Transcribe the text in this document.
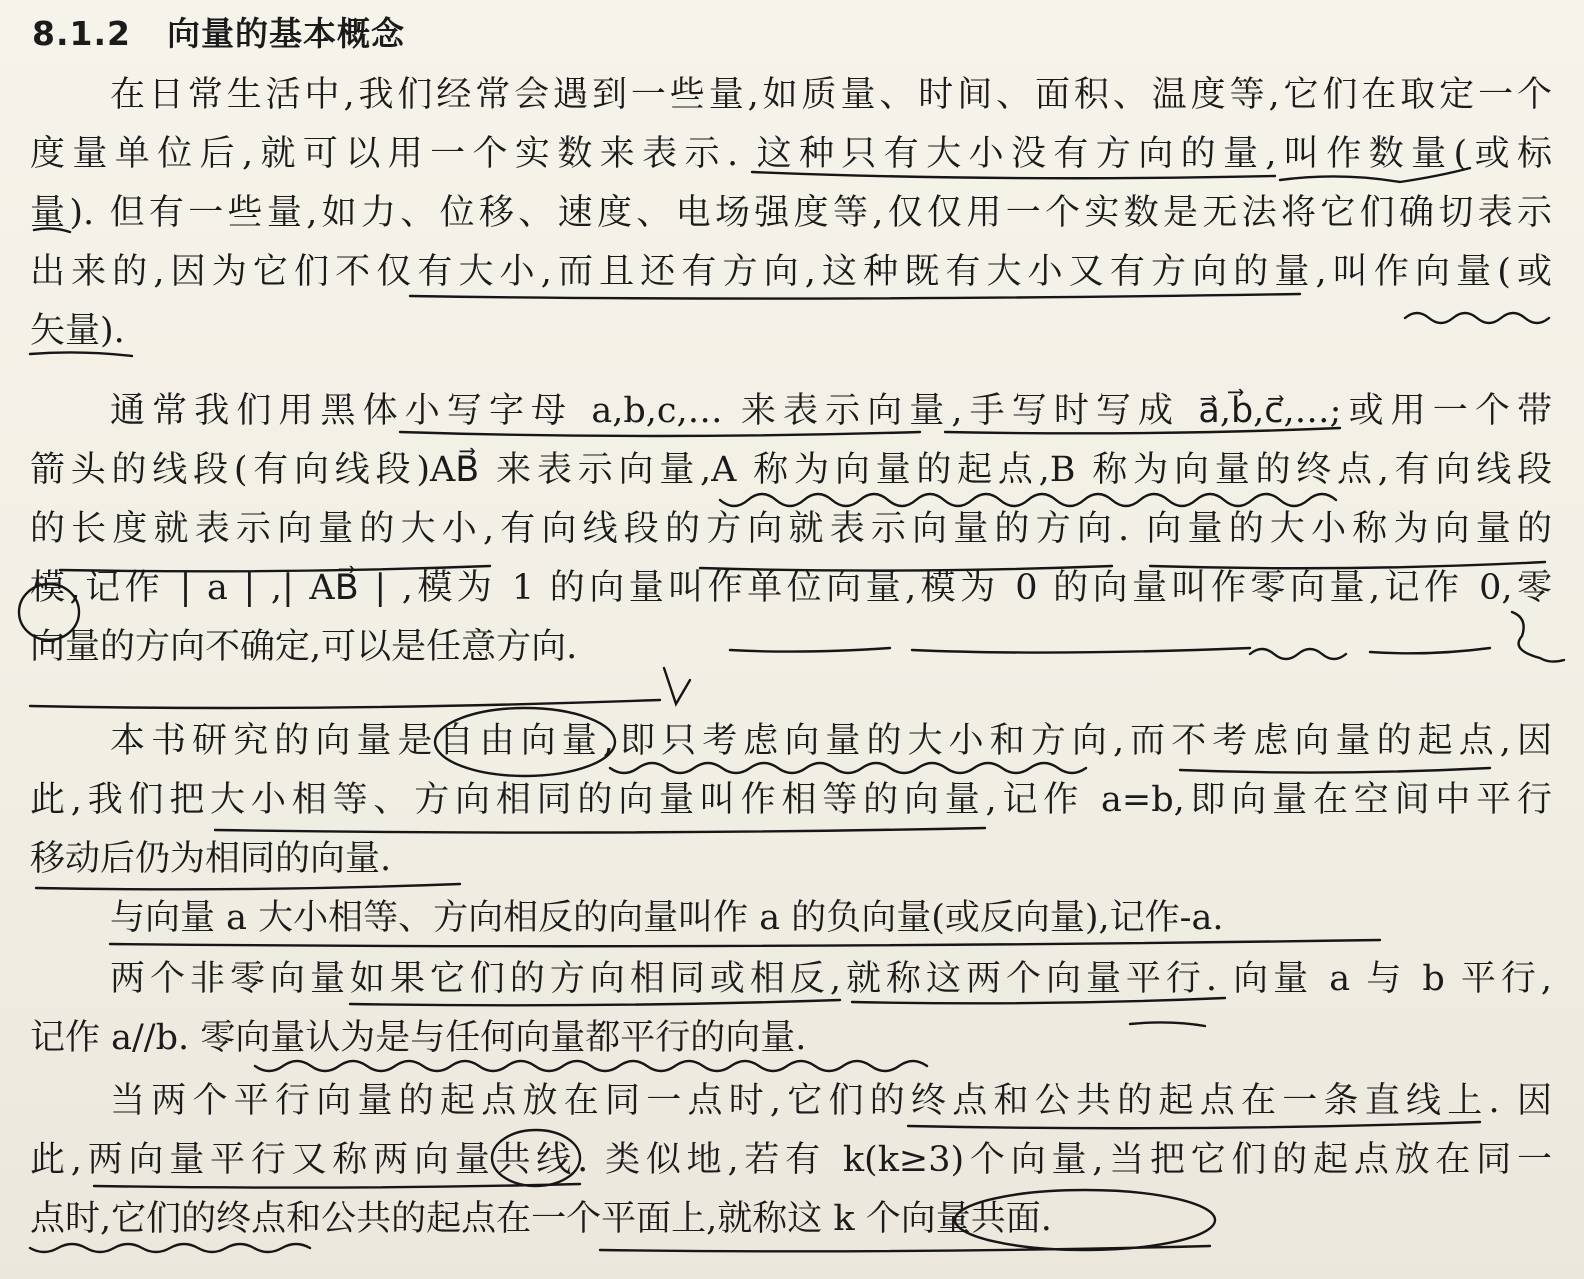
8.1.2 向量的基本概念
在日常生活中,我们经常会遇到一些量,如质量、时间、面积、温度等,它们在取定一个
度量单位后,就可以用一个实数来表示. 这种只有大小没有方向的量,叫作数量(或标
量). 但有一些量,如力、位移、速度、电场强度等,仅仅用一个实数是无法将它们确切表示
出来的,因为它们不仅有大小,而且还有方向,这种既有大小又有方向的量,叫作向量(或
矢量).
通常我们用黑体小写字母 a,b,c,… 来表示向量,手写时写成 a⃗,b⃗,c⃗,…;或用一个带
箭头的线段(有向线段)AB⃗ 来表示向量,A 称为向量的起点,B 称为向量的终点,有向线段
的长度就表示向量的大小,有向线段的方向就表示向量的方向. 向量的大小称为向量的
模,记作 | a | ,| AB⃗ | ,模为 1 的向量叫作单位向量,模为 0 的向量叫作零向量,记作 0,零
向量的方向不确定,可以是任意方向.
本书研究的向量是自由向量,即只考虑向量的大小和方向,而不考虑向量的起点,因
此,我们把大小相等、方向相同的向量叫作相等的向量,记作 a=b,即向量在空间中平行
移动后仍为相同的向量.
与向量 a 大小相等、方向相反的向量叫作 a 的负向量(或反向量),记作-a.
两个非零向量如果它们的方向相同或相反,就称这两个向量平行. 向量 a 与 b 平行,
记作 a//b. 零向量认为是与任何向量都平行的向量.
当两个平行向量的起点放在同一点时,它们的终点和公共的起点在一条直线上. 因
此,两向量平行又称两向量共线. 类似地,若有 k(k≥3)个向量,当把它们的起点放在同一
点时,它们的终点和公共的起点在一个平面上,就称这 k 个向量共面.
